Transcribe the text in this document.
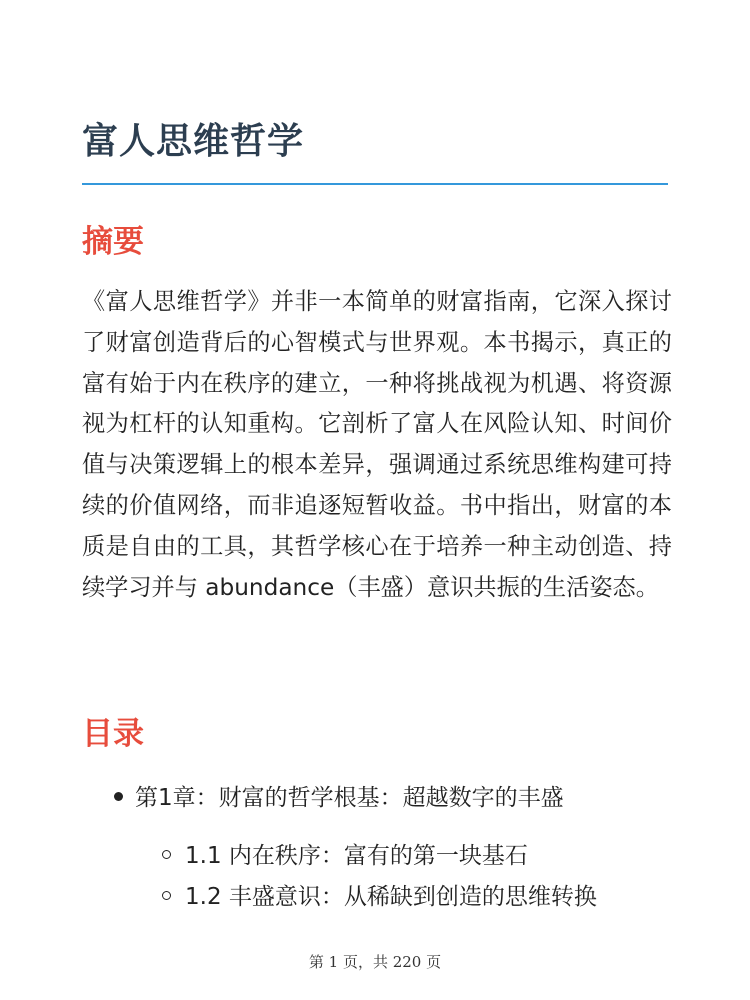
富人思维哲学
摘要

《富人思维哲学》并非一本简单的财富指南，它深入探讨了财富创造背后的心智模式与世界观。本书揭示，真正的富有始于内在秩序的建立，一种将挑战视为机遇、将资源视为杠杆的认知重构。它剖析了富人在风险认知、时间价值与决策逻辑上的根本差异，强调通过系统思维构建可持续的价值网络，而非追逐短暂收益。书中指出，财富的本质是自由的工具，其哲学核心在于培养一种主动创造、持续学习并与 abundance（丰盛）意识共振的生活姿态。

目录
第1章：财富的哲学根基：超越数字的丰盛
1.1 内在秩序：富有的第一块基石
1.2 丰盛意识：从稀缺到创造的思维转换
第 1 页，共 220 页
